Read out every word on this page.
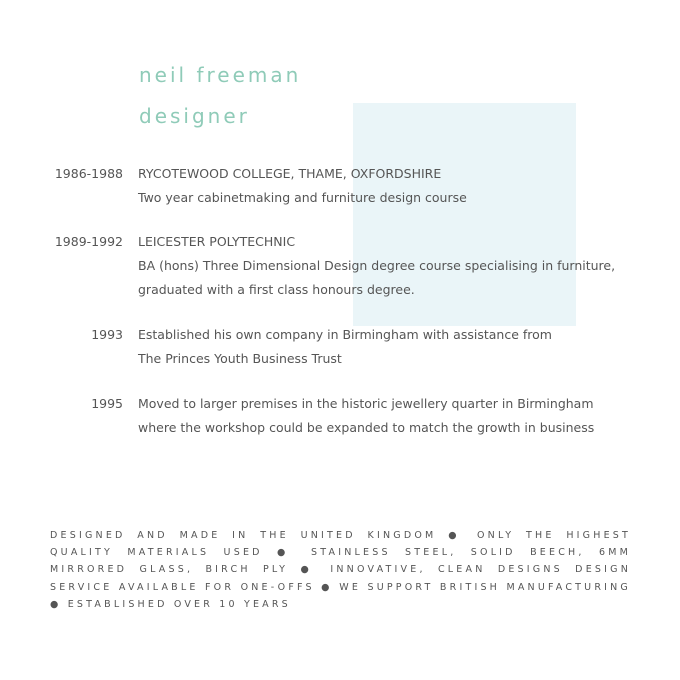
neil freeman
designer
1986-1988 RYCOTEWOOD COLLEGE, THAME, OXFORDSHIRE
Two year cabinetmaking and furniture design course
1989-1992 LEICESTER POLYTECHNIC
BA (hons) Three Dimensional Design degree course specialising in furniture,
graduated with a first class honours degree.
1993 Established his own company in Birmingham with assistance from
The Princes Youth Business Trust
1995 Moved to larger premises in the historic jewellery quarter in Birmingham
where the workshop could be expanded to match the growth in business

DESIGNED AND MADE IN THE UNITED KINGDOM ● ONLY THE HIGHEST QUALITY MATERIALS USED ● STAINLESS STEEL, SOLID BEECH, 6MM MIRRORED GLASS, BIRCH PLY ● INNOVATIVE, CLEAN DESIGNS DESIGN SERVICE AVAILABLE FOR ONE-OFFS ● WE SUPPORT BRITISH MANUFACTURING ● ESTABLISHED OVER 10 YEARS
